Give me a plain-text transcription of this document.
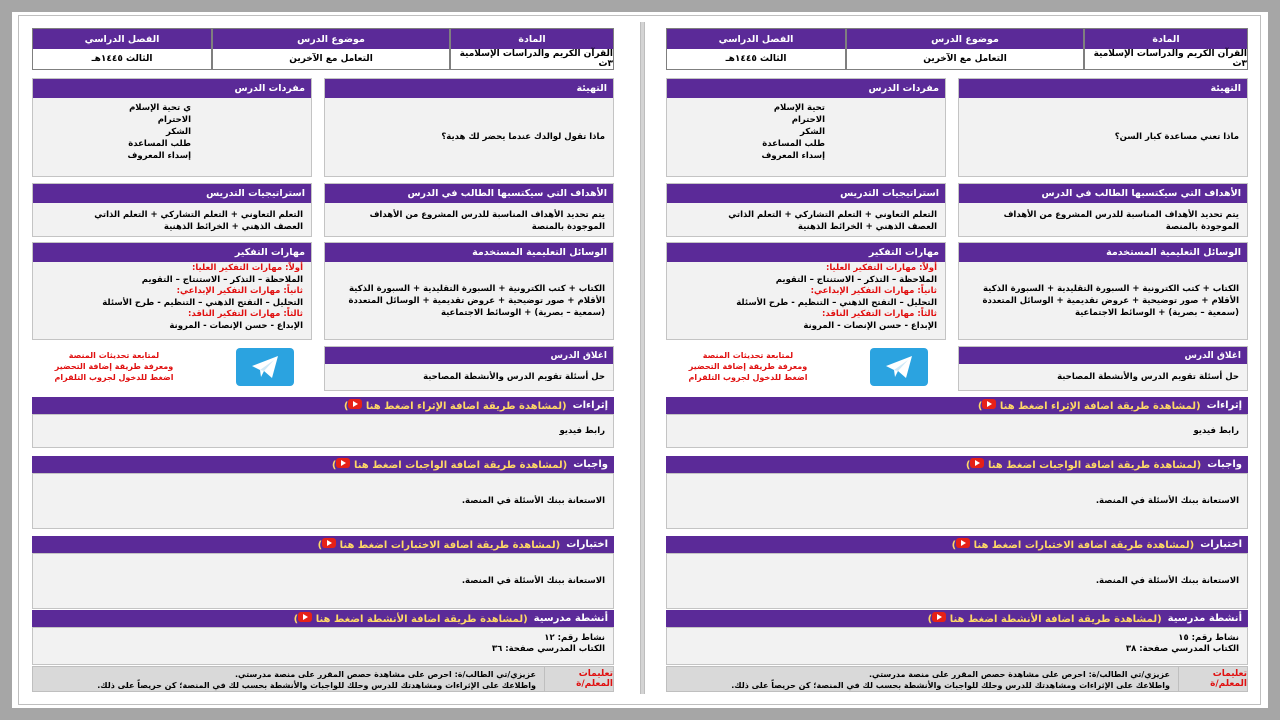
المادة
القرآن الكريم والدراسات الإسلامية ٣ث
موضوع الدرس
التعامل مع الآخرين
الفصل الدراسي
الثالث ١٤٤٥هـ
التهيئة
ماذا تعني مساعدة كبار السن؟
مفردات الدرس
تحية الإسلام
الاحترام
الشكر
طلب المساعدة
إسداء المعروف
الأهداف التي سيكتسبها الطالب في الدرس
يتم تحديد الأهداف المناسبة للدرس المشروع من الأهداف الموجودة بالمنصة
استراتيجيات التدريس
التعلم التعاوني + التعلم التشاركي + التعلم الذاتي العصف الذهني + الخرائط الذهنية
الوسائل التعليمية المستخدمة
الكتاب + كتب الكترونية + السبورة التقليدية + السبورة الذكية الأقلام + صور توضيحية + عروض تقديمية + الوسائل المتعددة (سمعية – بصرية) + الوسائط الاجتماعية
مهارات التفكير
أولاً: مهارات التفكير العليا:
الملاحظة – التذكر – الاستنتاج – التقويم
ثانياً: مهارات التفكير الإبداعي:
التحليل – التفتح الذهني – التنظيم - طرح الأسئلة
ثالثاً: مهارات التفكير الناقد:
الإبداع - حسن الإنصات - المرونة
لمتابعة تحديثات المنصة
ومعرفة طريقة إضافة التحضير
اضغط للدخول لجروب التلقرام
اغلاق الدرس
حل أسئلة تقويم الدرس والأنشطة المصاحبة
إثراءات
(لمشاهدة طريقة اضافة الإثراء اضغط هنا )
رابط فيديو
واجبات
(لمشاهدة طريقة اضافة الواجبات اضغط هنا )
الاستعانة ببنك الأسئلة في المنصة.
اختبارات
(لمشاهدة طريقة اضافة الاختبارات اضغط هنا )
الاستعانة ببنك الأسئلة في المنصة.
أنشطة مدرسية
(لمشاهدة طريقة اضافة الأنشطة اضغط هنا )
نشاط رقم: ١٥
الكتاب المدرسي صفحة: ٣٨
تعليمات المعلم/ة
عزيزي/تي الطالب/ة: احرص على مشاهدة حصص المقرر على منصة مدرستي.
واطلاعك على الإثراءات ومشاهدتك للدرس وحلك للواجبات والأنشطة بحسب لك في المنصة؛ كن حريصاً على ذلك.
المادة
القرآن الكريم والدراسات الإسلامية ٣ث
موضوع الدرس
التعامل مع الآخرين
الفصل الدراسي
الثالث ١٤٤٥هـ
التهيئة
ماذا تقول لوالدك عندما يحضر لك هدية؟
مفردات الدرس
ي تحية الإسلام
الاحترام
الشكر
طلب المساعدة
إسداء المعروف
الأهداف التي سيكتسبها الطالب في الدرس
يتم تحديد الأهداف المناسبة للدرس المشروع من الأهداف الموجودة بالمنصة
استراتيجيات التدريس
التعلم التعاوني + التعلم التشاركي + التعلم الذاتي العصف الذهني + الخرائط الذهنية
الوسائل التعليمية المستخدمة
الكتاب + كتب الكترونية + السبورة التقليدية + السبورة الذكية الأقلام + صور توضيحية + عروض تقديمية + الوسائل المتعددة (سمعية – بصرية) + الوسائط الاجتماعية
مهارات التفكير
أولاً: مهارات التفكير العليا:
الملاحظة – التذكر – الاستنتاج – التقويم
ثانياً: مهارات التفكير الإبداعي:
التحليل – التفتح الذهني – التنظيم - طرح الأسئلة
ثالثاً: مهارات التفكير الناقد:
الإبداع - حسن الإنصات - المرونة
لمتابعة تحديثات المنصة
ومعرفة طريقة إضافة التحضير
اضغط للدخول لجروب التلقرام
اغلاق الدرس
حل أسئلة تقويم الدرس والأنشطة المصاحبة
إثراءات
(لمشاهدة طريقة اضافة الإثراء اضغط هنا )
رابط فيديو
واجبات
(لمشاهدة طريقة اضافة الواجبات اضغط هنا )
الاستعانة ببنك الأسئلة في المنصة.
اختبارات
(لمشاهدة طريقة اضافة الاختبارات اضغط هنا )
الاستعانة ببنك الأسئلة في المنصة.
أنشطة مدرسية
(لمشاهدة طريقة اضافة الأنشطة اضغط هنا )
نشاط رقم: ١٢
الكتاب المدرسي صفحة: ٣٦
تعليمات المعلم/ة
عزيزي/تي الطالب/ة: احرص على مشاهدة حصص المقرر على منصة مدرستي.
واطلاعك على الإثراءات ومشاهدتك للدرس وحلك للواجبات والأنشطة بحسب لك في المنصة؛ كن حريصاً على ذلك.
